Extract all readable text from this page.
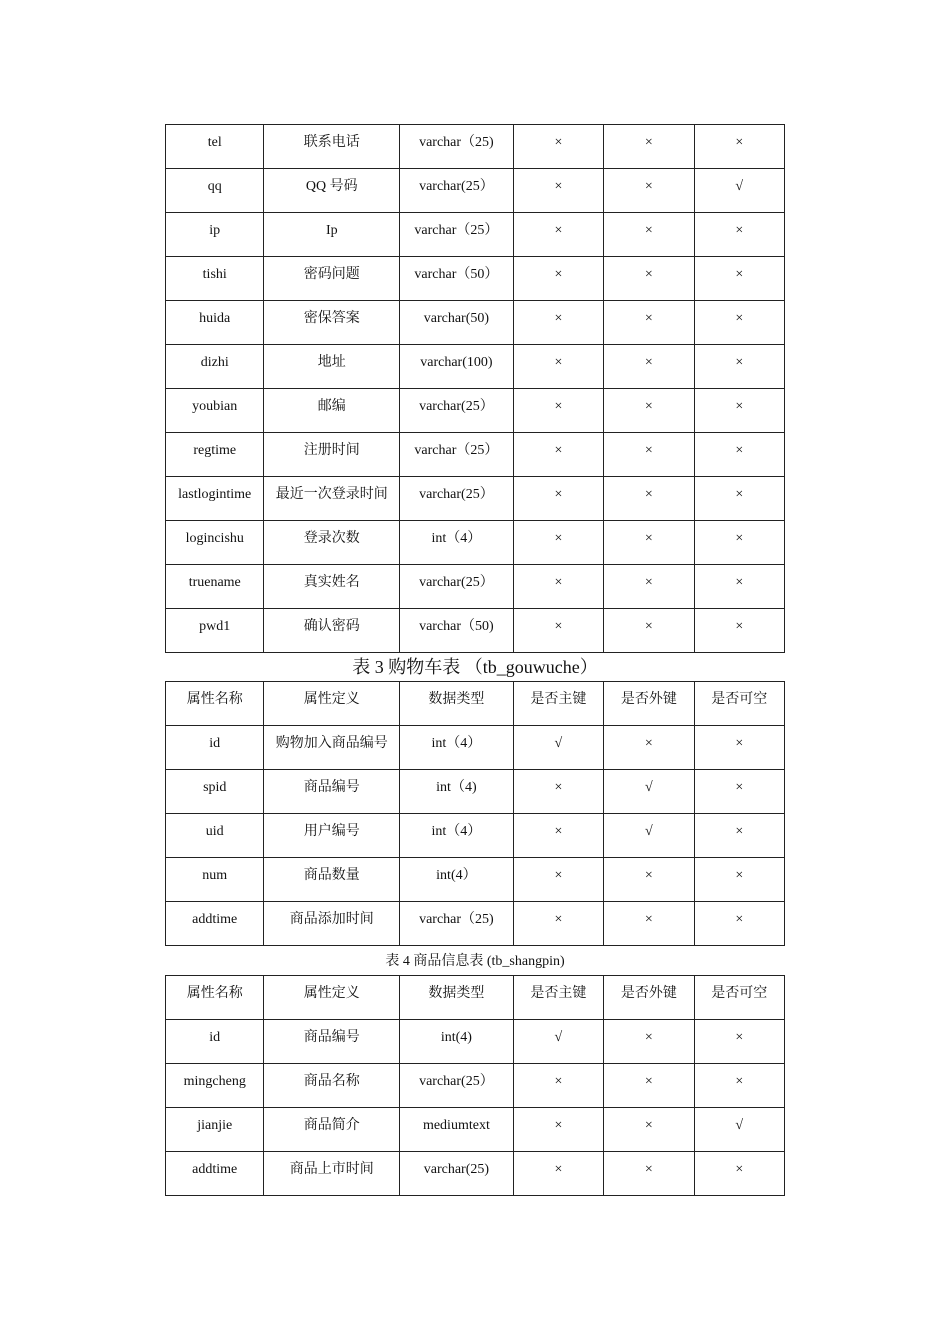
tel	联系电话	varchar（25)	×	×	×

qq	QQ 号码	varchar(25）	×	×	√

ip	Ip	varchar（25）	×	×	×

tishi	密码问题	varchar（50）	×	×	×

huida	密保答案	varchar(50)	×	×	×

dizhi	地址	varchar(100)	×	×	×

youbian	邮编	varchar(25）	×	×	×

regtime	注册时间	varchar（25）	×	×	×

lastlogintime	最近一次登录时间	varchar(25）	×	×	×

logincishu	登录次数	int（4）	×	×	×

truename	真实姓名	varchar(25）	×	×	×

pwd1	确认密码	varchar（50)	×	×	×
表 3 购物车表 （tb_gouwuche）
属性名称	属性定义	数据类型	是否主键	是否外键	是否可空

id	购物加入商品编号	int（4）	√	×	×

spid	商品编号	int（4)	×	√	×

uid	用户编号	int（4）	×	√	×

num	商品数量	int(4）	×	×	×

addtime	商品添加时间	varchar（25)	×	×	×
表 4 商品信息表 (tb_shangpin)
属性名称	属性定义	数据类型	是否主键	是否外键	是否可空

id	商品编号	int(4)	√	×	×

mingcheng	商品名称	varchar(25）	×	×	×

jianjie	商品简介	mediumtext	×	×	√

addtime	商品上市时间	varchar(25)	×	×	×
